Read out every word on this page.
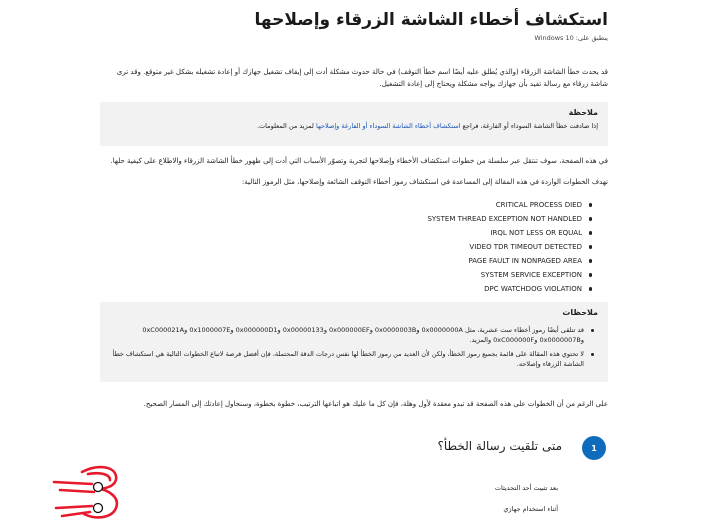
استكشاف أخطاء الشاشة الزرقاء وإصلاحها
ينطبق على: Windows 10

قد يحدث خطأ الشاشة الزرقاء (والذي يُطلق عليه أيضًا اسم خطأ التوقف) في حالة حدوث مشكلة أدت إلى إيقاف تشغيل جهازك أو إعادة تشغيله بشكل غير متوقع. وقد ترى شاشة زرقاء مع رسالة تفيد بأن جهازك يواجه مشكلة ويحتاج إلى إعادة التشغيل.

ملاحظة
إذا صادفت خطأ الشاشة السوداء أو الفارغة، فراجع استكشاف أخطاء الشاشة السوداء أو الفارغة وإصلاحها لمزيد من المعلومات.

في هذه الصفحة، سوف تنتقل عبر سلسلة من خطوات استكشاف الأخطاء وإصلاحها لتجربة وتصوّر الأسباب التي أدت إلى ظهور خطأ الشاشة الزرقاء والاطلاع على كيفية حلها.

تهدف الخطوات الواردة في هذه المقالة إلى المساعدة في استكشاف رموز أخطاء التوقف الشائعة وإصلاحها، مثل الرموز التالية:

CRITICAL PROCESS DIED
SYSTEM THREAD EXCEPTION NOT HANDLED
IRQL NOT LESS OR EQUAL
VIDEO TDR TIMEOUT DETECTED
PAGE FAULT IN NONPAGED AREA
SYSTEM SERVICE EXCEPTION
DPC WATCHDOG VIOLATION
ملاحظات
قد تتلقى أيضًا رموز أخطاء ست عشرية، مثل 0x0000000A و0x0000003B و0x000000EF و0x00000133 و0x000000D1 و0x1000007E و0xC000021A و0x0000007B و0xC000000F والمزيد.
لا تحتوي هذه المقالة على قائمة بجميع رموز الخطأ، ولكن لأن العديد من رموز الخطأ لها نفس درجات الدقة المحتملة، فإن أفضل فرصة لاتباع الخطوات التالية هي استكشاف خطأ الشاشة الزرقاء وإصلاحه.

على الرغم من أن الخطوات على هذه الصفحة قد تبدو معقدة لأول وهلة، فإن كل ما عليك هو اتباعها الترتيب، خطوة بخطوة، وسنحاول إعادتك إلى المسار الصحيح.

1
متى تلقيت رسالة الخطأ؟
بعد تثبيت أحد التحديثات
أثناء استخدام جهازي
